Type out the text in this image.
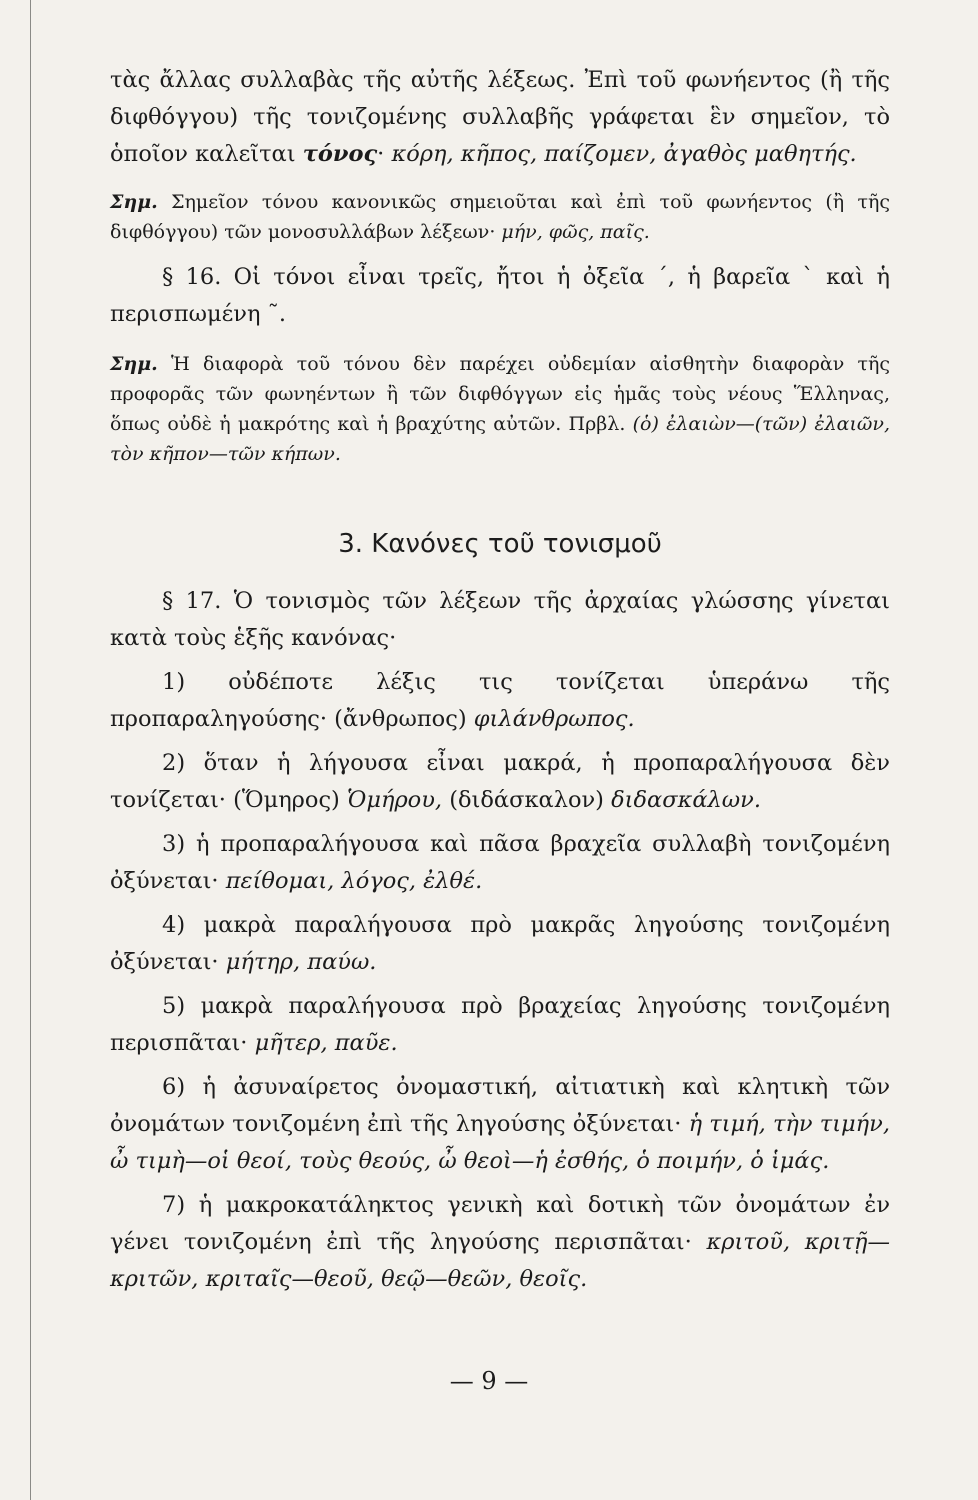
τὰς ἄλλας συλλαβὰς τῆς αὐτῆς λέξεως. Ἐπὶ τοῦ φωνήεντος (ἢ τῆς διφθόγγου) τῆς τονιζομένης συλλαβῆς γράφεται ἓν σημεῖον, τὸ ὁποῖον καλεῖται τόνος· κόρη, κῆπος, παίζομεν, ἀγαθὸς μαθητής.

Σημ. Σημεῖον τόνου κανονικῶς σημειοῦται καὶ ἐπὶ τοῦ φωνήεντος (ἢ τῆς διφθόγγου) τῶν μονοσυλλάβων λέξεων· μήν, φῶς, παῖς.

§ 16. Οἱ τόνοι εἶναι τρεῖς, ἤτοι ἡ ὀξεῖα ´, ἡ βαρεῖα ` καὶ ἡ περισπωμένη ῀.

Σημ. Ἡ διαφορὰ τοῦ τόνου δὲν παρέχει οὐδεμίαν αἰσθητὴν διαφορὰν τῆς προφορᾶς τῶν φωνηέντων ἢ τῶν διφθόγγων εἰς ἡμᾶς τοὺς νέους Ἕλληνας, ὅπως οὐδὲ ἡ μακρότης καὶ ἡ βραχύτης αὐτῶν. Πρβλ. (ὁ) ἐλαιὼν—(τῶν) ἐλαιῶν, τὸν κῆπον—τῶν κήπων.

3. Κανόνες τοῦ τονισμοῦ

§ 17. Ὁ τονισμὸς τῶν λέξεων τῆς ἀρχαίας γλώσσης γίνεται κατὰ τοὺς ἑξῆς κανόνας·

1) οὐδέποτε λέξις τις τονίζεται ὑπεράνω τῆς προπαραληγούσης· (ἄνθρωπος) φιλάνθρωπος.

2) ὅταν ἡ λήγουσα εἶναι μακρά, ἡ προπαραλήγουσα δὲν τονίζεται· (Ὅμηρος) Ὁμήρου, (διδάσκαλον) διδασκάλων.

3) ἡ προπαραλήγουσα καὶ πᾶσα βραχεῖα συλλαβὴ τονιζομένη ὀξύνεται· πείθομαι, λόγος, ἐλθέ.

4) μακρὰ παραλήγουσα πρὸ μακρᾶς ληγούσης τονιζομένη ὀξύνεται· μήτηρ, παύω.

5) μακρὰ παραλήγουσα πρὸ βραχείας ληγούσης τονιζομένη περισπᾶται· μῆτερ, παῦε.

6) ἡ ἀσυναίρετος ὀνομαστική, αἰτιατικὴ καὶ κλητικὴ τῶν ὀνομάτων τονιζομένη ἐπὶ τῆς ληγούσης ὀξύνεται· ἡ τιμή, τὴν τιμήν, ὦ τιμὴ—οἱ θεοί, τοὺς θεούς, ὦ θεοὶ—ἡ ἐσθής, ὁ ποιμήν, ὁ ἱμάς.

7) ἡ μακροκατάληκτος γενικὴ καὶ δοτικὴ τῶν ὀνομάτων ἐν γένει τονιζομένη ἐπὶ τῆς ληγούσης περισπᾶται· κριτοῦ, κριτῇ—κριτῶν, κριταῖς—θεοῦ, θεῷ—θεῶν, θεοῖς.

— 9 —
